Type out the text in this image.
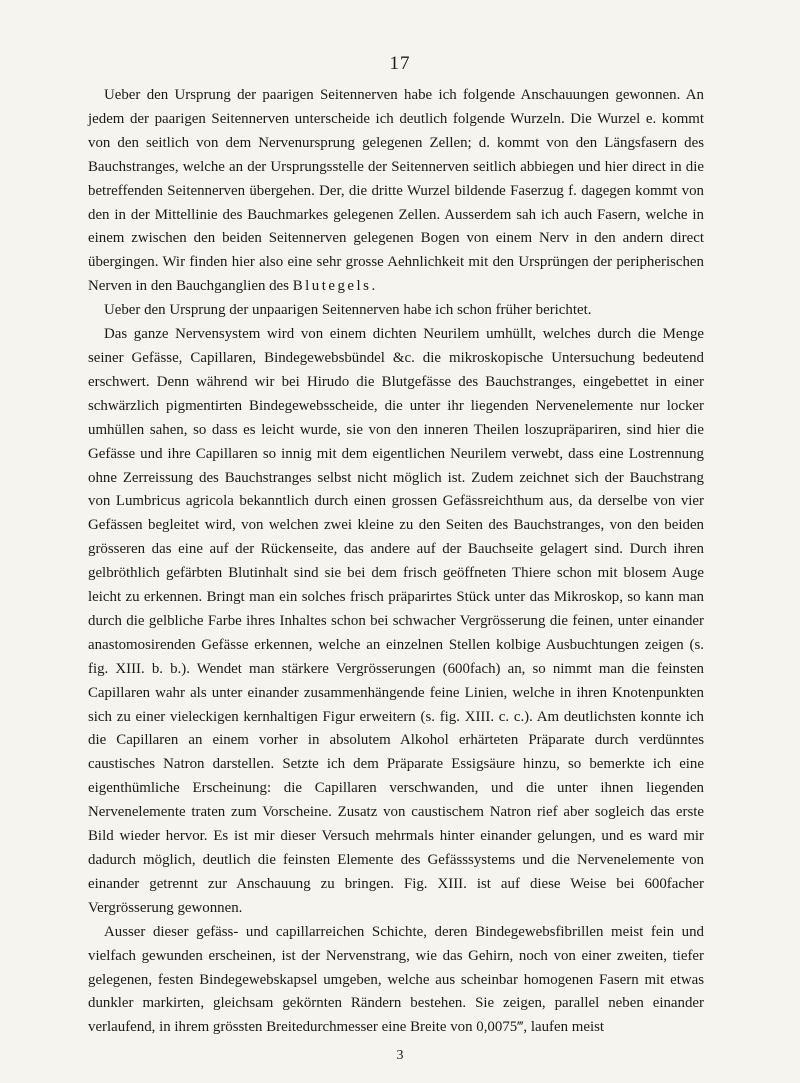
17

Ueber den Ursprung der paarigen Seitennerven habe ich folgende Anschauungen gewonnen. An jedem der paarigen Seitennerven unterscheide ich deutlich folgende Wurzeln. Die Wurzel e. kommt von den seitlich von dem Nervenursprung gelegenen Zellen; d. kommt von den Längsfasern des Bauchstranges, welche an der Ursprungsstelle der Seitennerven seitlich abbiegen und hier direct in die betreffenden Seitennerven übergehen. Der, die dritte Wurzel bildende Faserzug f. dagegen kommt von den in der Mittellinie des Bauchmarkes gelegenen Zellen. Ausserdem sah ich auch Fasern, welche in einem zwischen den beiden Seitennerven gelegenen Bogen von einem Nerv in den andern direct übergingen. Wir finden hier also eine sehr grosse Aehnlichkeit mit den Ursprüngen der peripherischen Nerven in den Bauchganglien des Blutegels.

Ueber den Ursprung der unpaarigen Seitennerven habe ich schon früher berichtet.

Das ganze Nervensystem wird von einem dichten Neurilem umhüllt, welches durch die Menge seiner Gefässe, Capillaren, Bindegewebsbündel &c. die mikroskopische Untersuchung bedeutend erschwert. Denn während wir bei Hirudo die Blutgefässe des Bauchstranges, eingebettet in einer schwärzlich pigmentirten Bindegewebsscheide, die unter ihr liegenden Nervenelemente nur locker umhüllen sahen, so dass es leicht wurde, sie von den inneren Theilen loszupräpariren, sind hier die Gefässe und ihre Capillaren so innig mit dem eigentlichen Neurilem verwebt, dass eine Lostrennung ohne Zerreissung des Bauchstranges selbst nicht möglich ist. Zudem zeichnet sich der Bauchstrang von Lumbricus agricola bekanntlich durch einen grossen Gefässreichthum aus, da derselbe von vier Gefässen begleitet wird, von welchen zwei kleine zu den Seiten des Bauchstranges, von den beiden grösseren das eine auf der Rückenseite, das andere auf der Bauchseite gelagert sind. Durch ihren gelbröthlich gefärbten Blutinhalt sind sie bei dem frisch geöffneten Thiere schon mit blosem Auge leicht zu erkennen. Bringt man ein solches frisch präparirtes Stück unter das Mikroskop, so kann man durch die gelbliche Farbe ihres Inhaltes schon bei schwacher Vergrösserung die feinen, unter einander anastomosirenden Gefässe erkennen, welche an einzelnen Stellen kolbige Ausbuchtungen zeigen (s. fig. XIII. b. b.). Wendet man stärkere Vergrösserungen (600fach) an, so nimmt man die feinsten Capillaren wahr als unter einander zusammenhängende feine Linien, welche in ihren Knotenpunkten sich zu einer vieleckigen kernhaltigen Figur erweitern (s. fig. XIII. c. c.). Am deutlichsten konnte ich die Capillaren an einem vorher in absolutem Alkohol erhärteten Präparate durch verdünntes caustisches Natron darstellen. Setzte ich dem Präparate Essigsäure hinzu, so bemerkte ich eine eigenthümliche Erscheinung: die Capillaren verschwanden, und die unter ihnen liegenden Nervenelemente traten zum Vorscheine. Zusatz von caustischem Natron rief aber sogleich das erste Bild wieder hervor. Es ist mir dieser Versuch mehrmals hinter einander gelungen, und es ward mir dadurch möglich, deutlich die feinsten Elemente des Gefässsystems und die Nervenelemente von einander getrennt zur Anschauung zu bringen. Fig. XIII. ist auf diese Weise bei 600facher Vergrösserung gewonnen.

Ausser dieser gefäss- und capillarreichen Schichte, deren Bindegewebsfibrillen meist fein und vielfach gewunden erscheinen, ist der Nervenstrang, wie das Gehirn, noch von einer zweiten, tiefer gelegenen, festen Bindegewebskapsel umgeben, welche aus scheinbar homogenen Fasern mit etwas dunkler markirten, gleichsam gekörnten Rändern bestehen. Sie zeigen, parallel neben einander verlaufend, in ihrem grössten Breitedurchmesser eine Breite von 0,0075‴, laufen meist

3
